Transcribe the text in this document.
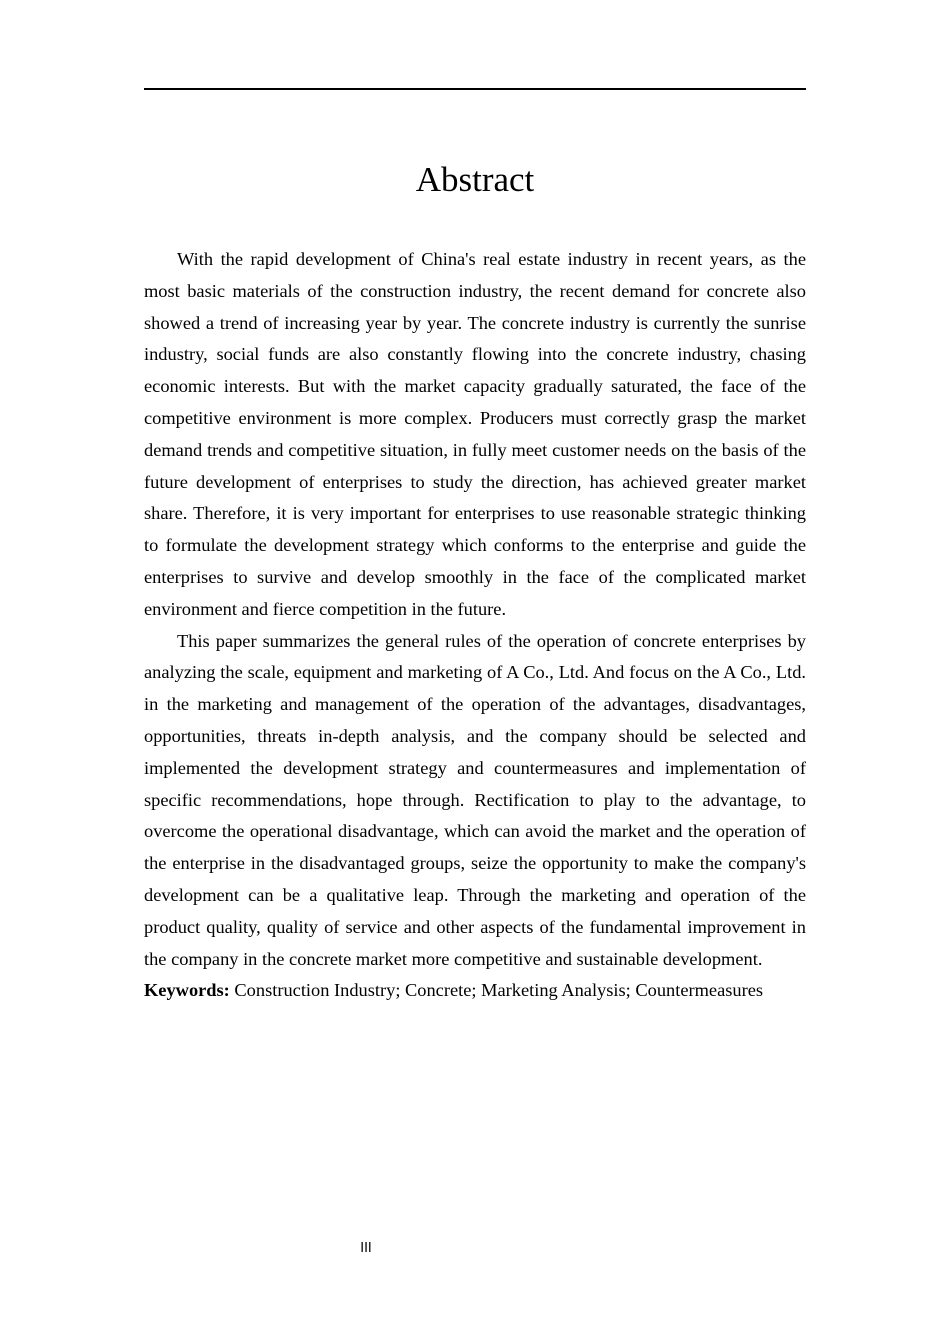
Abstract

With the rapid development of China's real estate industry in recent years, as the most basic materials of the construction industry, the recent demand for concrete also showed a trend of increasing year by year. The concrete industry is currently the sunrise industry, social funds are also constantly flowing into the concrete industry, chasing economic interests. But with the market capacity gradually saturated, the face of the competitive environment is more complex. Producers must correctly grasp the market demand trends and competitive situation, in fully meet customer needs on the basis of the future development of enterprises to study the direction, has achieved greater market share. Therefore, it is very important for enterprises to use reasonable strategic thinking to formulate the development strategy which conforms to the enterprise and guide the enterprises to survive and develop smoothly in the face of the complicated market environment and fierce competition in the future.

This paper summarizes the general rules of the operation of concrete enterprises by analyzing the scale, equipment and marketing of A Co., Ltd. And focus on the A Co., Ltd. in the marketing and management of the operation of the advantages, disadvantages, opportunities, threats in-depth analysis, and the company should be selected and implemented the development strategy and countermeasures and implementation of specific recommendations, hope through. Rectification to play to the advantage, to overcome the operational disadvantage, which can avoid the market and the operation of the enterprise in the disadvantaged groups, seize the opportunity to make the company's development can be a qualitative leap. Through the marketing and operation of the product quality, quality of service and other aspects of the fundamental improvement in the company in the concrete market more competitive and sustainable development.

Keywords: Construction Industry; Concrete; Marketing Analysis; Countermeasures

III
